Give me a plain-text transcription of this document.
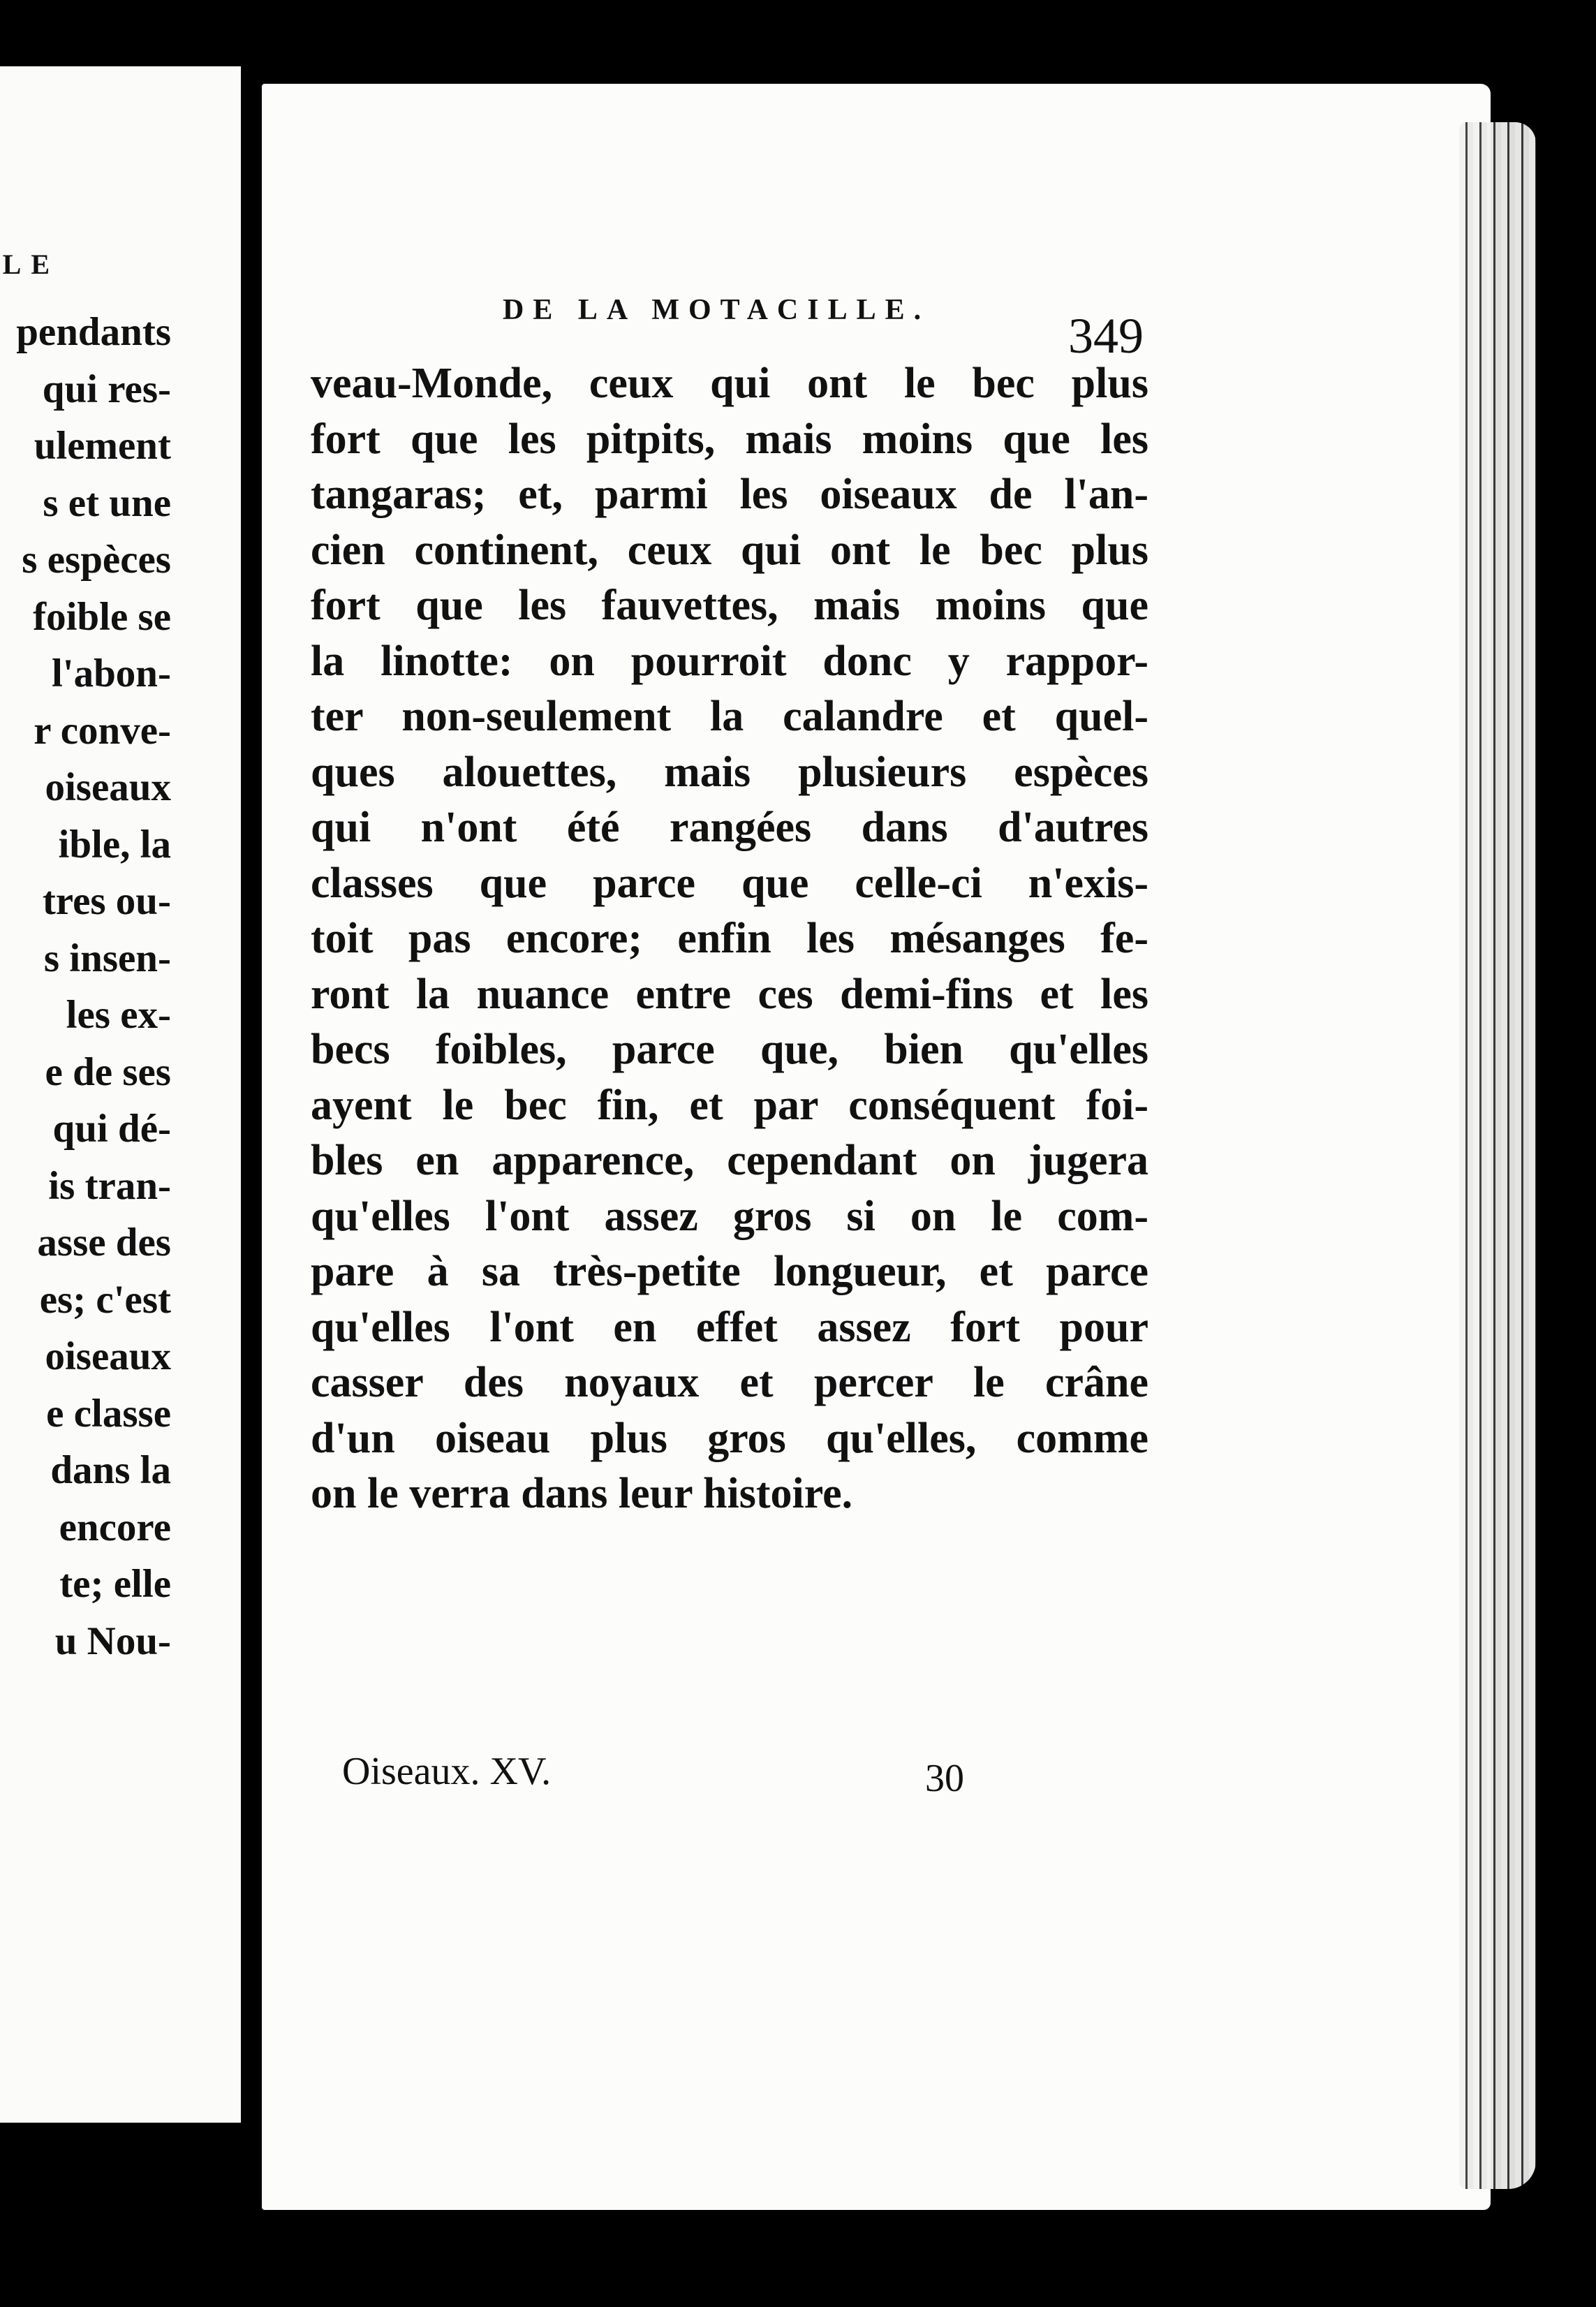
LE
pendants
qui res-
ulement
s et une
s espèces
foible se
l'abon-
r conve-
oiseaux
ible, la
tres ou-
s insen-
les ex-
e de ses
qui dé-
is tran-
asse des
es; c'est
oiseaux
e classe
dans la
encore
te; elle
u Nou-
DE LA MOTACILLE.	349
veau-Monde, ceux qui ont le bec plus
fort que les pitpits, mais moins que les
tangaras; et, parmi les oiseaux de l'an-
cien continent, ceux qui ont le bec plus
fort que les fauvettes, mais moins que
la linotte: on pourroit donc y rappor-
ter non-seulement la calandre et quel-
ques alouettes, mais plusieurs espèces
qui n'ont été rangées dans d'autres
classes que parce que celle-ci n'exis-
toit pas encore; enfin les mésanges fe-
ront la nuance entre ces demi-fins et les
becs foibles, parce que, bien qu'elles
ayent le bec fin, et par conséquent foi-
bles en apparence, cependant on jugera
qu'elles l'ont assez gros si on le com-
pare à sa très-petite longueur, et parce
qu'elles l'ont en effet assez fort pour
casser des noyaux et percer le crâne
d'un oiseau plus gros qu'elles, comme
on le verra dans leur histoire.
Oiseaux. XV.	30
